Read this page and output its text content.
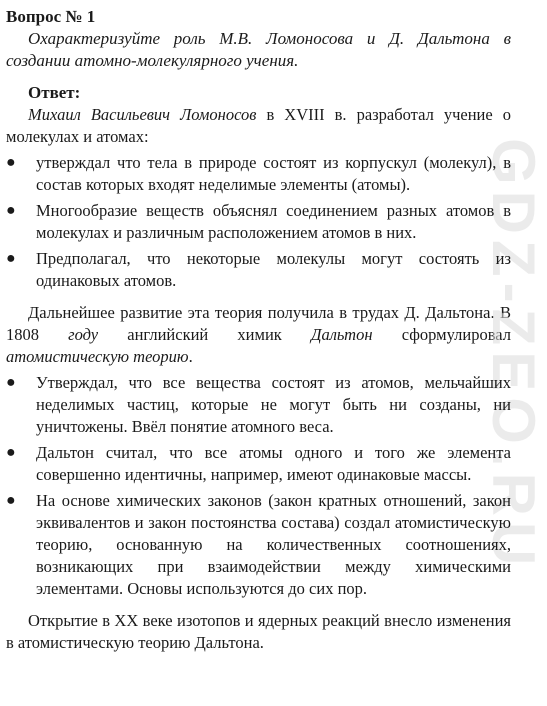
GDZ-ZEO.RU

Вопрос № 1

Охарактеризуйте роль М.В. Ломоносова и Д. Дальтона в создании атомно-молекулярного учения.

Ответ:

Михаил Васильевич Ломоносов в XVIII в. разработал учение о молекулах и атомах:

● утверждал что тела в природе состоят из корпускул (молекул), в состав которых входят неделимые элементы (атомы).
● Многообразие веществ объяснял соединением разных атомов в молекулах и различным расположением атомов в них.
● Предполагал, что некоторые молекулы могут состоять из одинаковых атомов.

Дальнейшее развитие эта теория получила в трудах Д. Дальтона. В 1808 году английский химик Дальтон сформулировал атомистическую теорию.

● Утверждал, что все вещества состоят из атомов, мельчайших неделимых частиц, которые не могут быть ни созданы, ни уничтожены. Ввёл понятие атомного веса.
● Дальтон считал, что все атомы одного и того же элемента совершенно идентичны, например, имеют одинаковые массы.
● На основе химических законов (закон кратных отношений, закон эквивалентов и закон постоянства состава) создал атомистическую теорию, основанную на количественных соотношениях, возникающих при взаимодействии между химическими элементами. Основы используются до сих пор.

Открытие в XX веке изотопов и ядерных реакций внесло изменения в атомистическую теорию Дальтона.
